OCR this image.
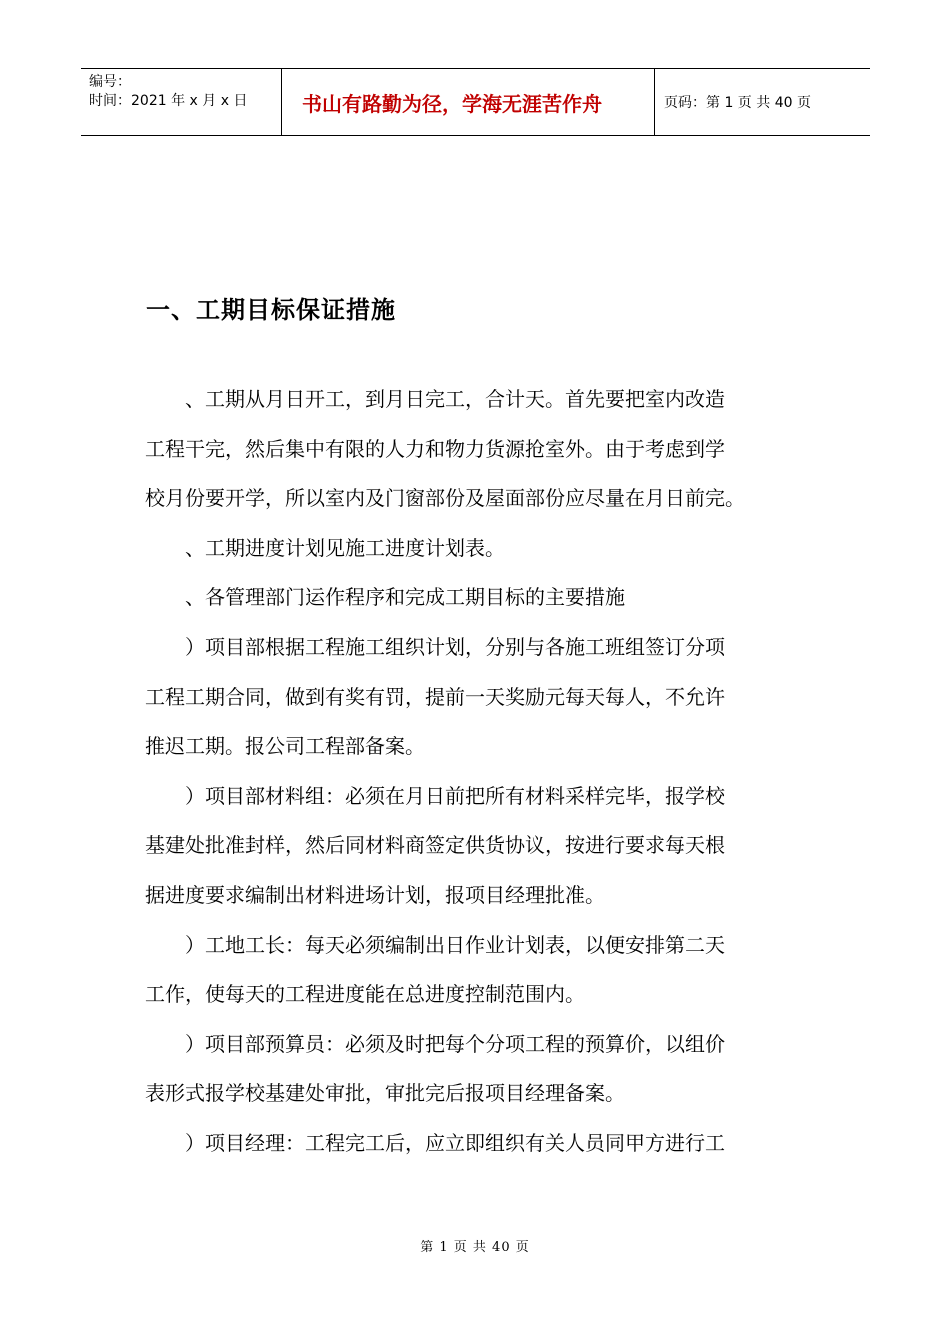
编号：
时间：2021 年 x 月 x 日	书山有路勤为径，学海无涯苦作舟	页码：第 1 页 共 40 页
一、工期目标保证措施
、工期从月日开工，到月日完工，合计天。首先要把室内改造
工程干完，然后集中有限的人力和物力货源抢室外。由于考虑到学
校月份要开学，所以室内及门窗部份及屋面部份应尽量在月日前完。
、工期进度计划见施工进度计划表。
、各管理部门运作程序和完成工期目标的主要措施
）项目部根据工程施工组织计划，分别与各施工班组签订分项
工程工期合同，做到有奖有罚，提前一天奖励元每天每人，不允许
推迟工期。报公司工程部备案。
）项目部材料组：必须在月日前把所有材料采样完毕，报学校
基建处批准封样，然后同材料商签定供货协议，按进行要求每天根
据进度要求编制出材料进场计划，报项目经理批准。
）工地工长：每天必须编制出日作业计划表，以便安排第二天
工作，使每天的工程进度能在总进度控制范围内。
）项目部预算员：必须及时把每个分项工程的预算价，以组价
表形式报学校基建处审批，审批完后报项目经理备案。
）项目经理：工程完工后，应立即组织有关人员同甲方进行工
第 1 页 共 40 页
